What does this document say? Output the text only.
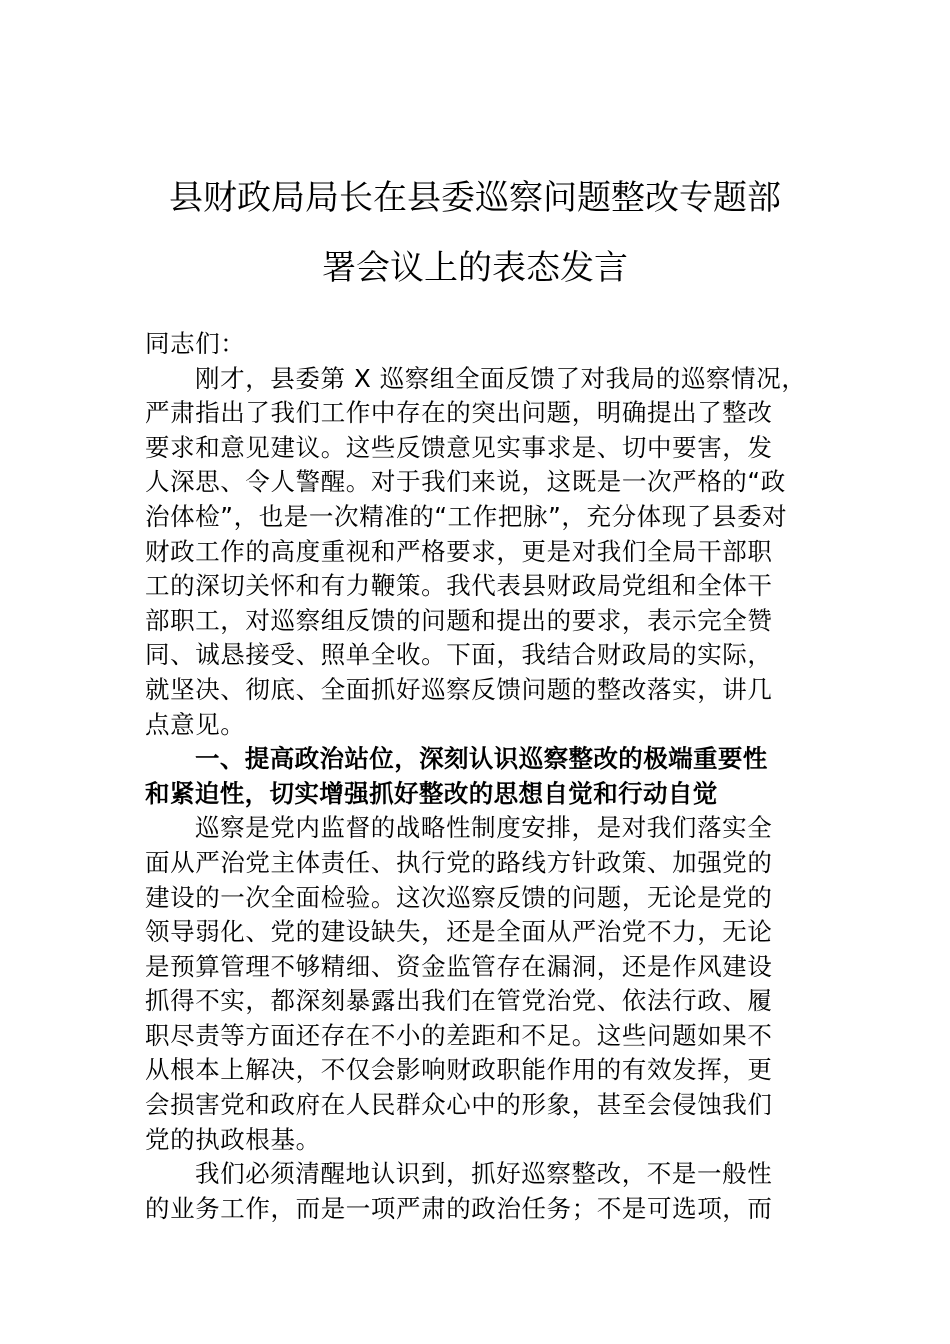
县财政局局长在县委巡察问题整改专题部
署会议上的表态发言
同志们：
刚才，县委第 X 巡察组全面反馈了对我局的巡察情况，
严肃指出了我们工作中存在的突出问题，明确提出了整改
要求和意见建议。这些反馈意见实事求是、切中要害，发
人深思、令人警醒。对于我们来说，这既是一次严格的“政
治体检”，也是一次精准的“工作把脉”，充分体现了县委对
财政工作的高度重视和严格要求，更是对我们全局干部职
工的深切关怀和有力鞭策。我代表县财政局党组和全体干
部职工，对巡察组反馈的问题和提出的要求，表示完全赞
同、诚恳接受、照单全收。下面，我结合财政局的实际，
就坚决、彻底、全面抓好巡察反馈问题的整改落实，讲几
点意见。
一、提高政治站位，深刻认识巡察整改的极端重要性
和紧迫性，切实增强抓好整改的思想自觉和行动自觉
巡察是党内监督的战略性制度安排，是对我们落实全
面从严治党主体责任、执行党的路线方针政策、加强党的
建设的一次全面检验。这次巡察反馈的问题，无论是党的
领导弱化、党的建设缺失，还是全面从严治党不力，无论
是预算管理不够精细、资金监管存在漏洞，还是作风建设
抓得不实，都深刻暴露出我们在管党治党、依法行政、履
职尽责等方面还存在不小的差距和不足。这些问题如果不
从根本上解决，不仅会影响财政职能作用的有效发挥，更
会损害党和政府在人民群众心中的形象，甚至会侵蚀我们
党的执政根基。
我们必须清醒地认识到，抓好巡察整改，不是一般性
的业务工作，而是一项严肃的政治任务；不是可选项，而
